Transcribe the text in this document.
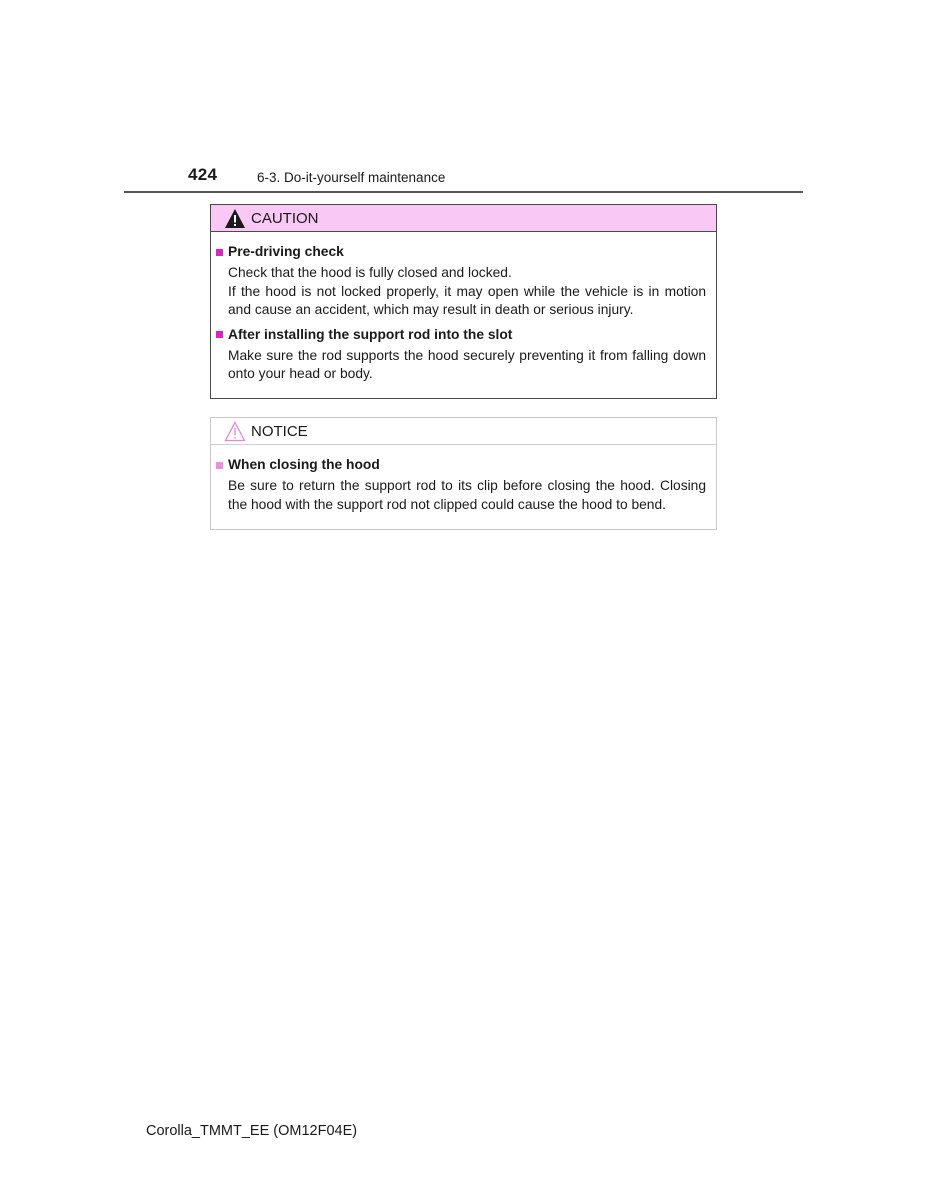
424	6-3. Do-it-yourself maintenance
CAUTION
Pre-driving check

Check that the hood is fully closed and locked.

If the hood is not locked properly, it may open while the vehicle is in motion and cause an accident, which may result in death or serious injury.

After installing the support rod into the slot

Make sure the rod supports the hood securely preventing it from falling down onto your head or body.

NOTICE
When closing the hood

Be sure to return the support rod to its clip before closing the hood. Closing the hood with the support rod not clipped could cause the hood to bend.

Corolla_TMMT_EE (OM12F04E)
